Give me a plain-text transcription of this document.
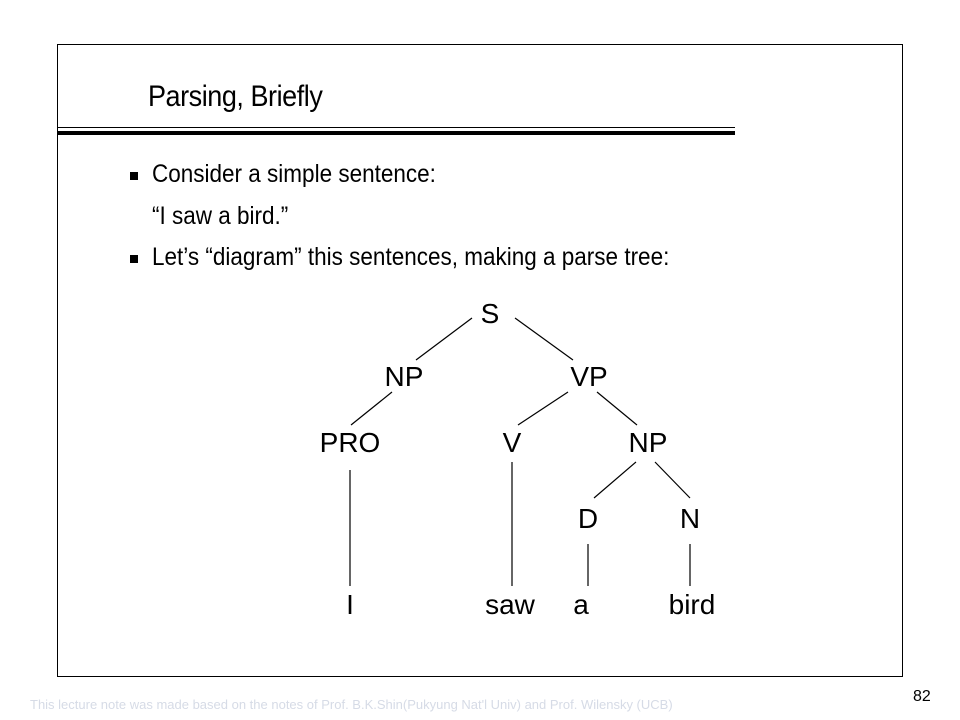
Parsing, Briefly
Consider a simple sentence:
“I saw a bird.”
Let’s “diagram” this sentences, making a parse tree:
S
NP	VP
PRO	V	NP
D	N
I	saw a	bird
This lecture note was made based on the notes of Prof. B.K.Shin(Pukyung Nat'l Univ) and Prof. Wilensky (UCB)	82
